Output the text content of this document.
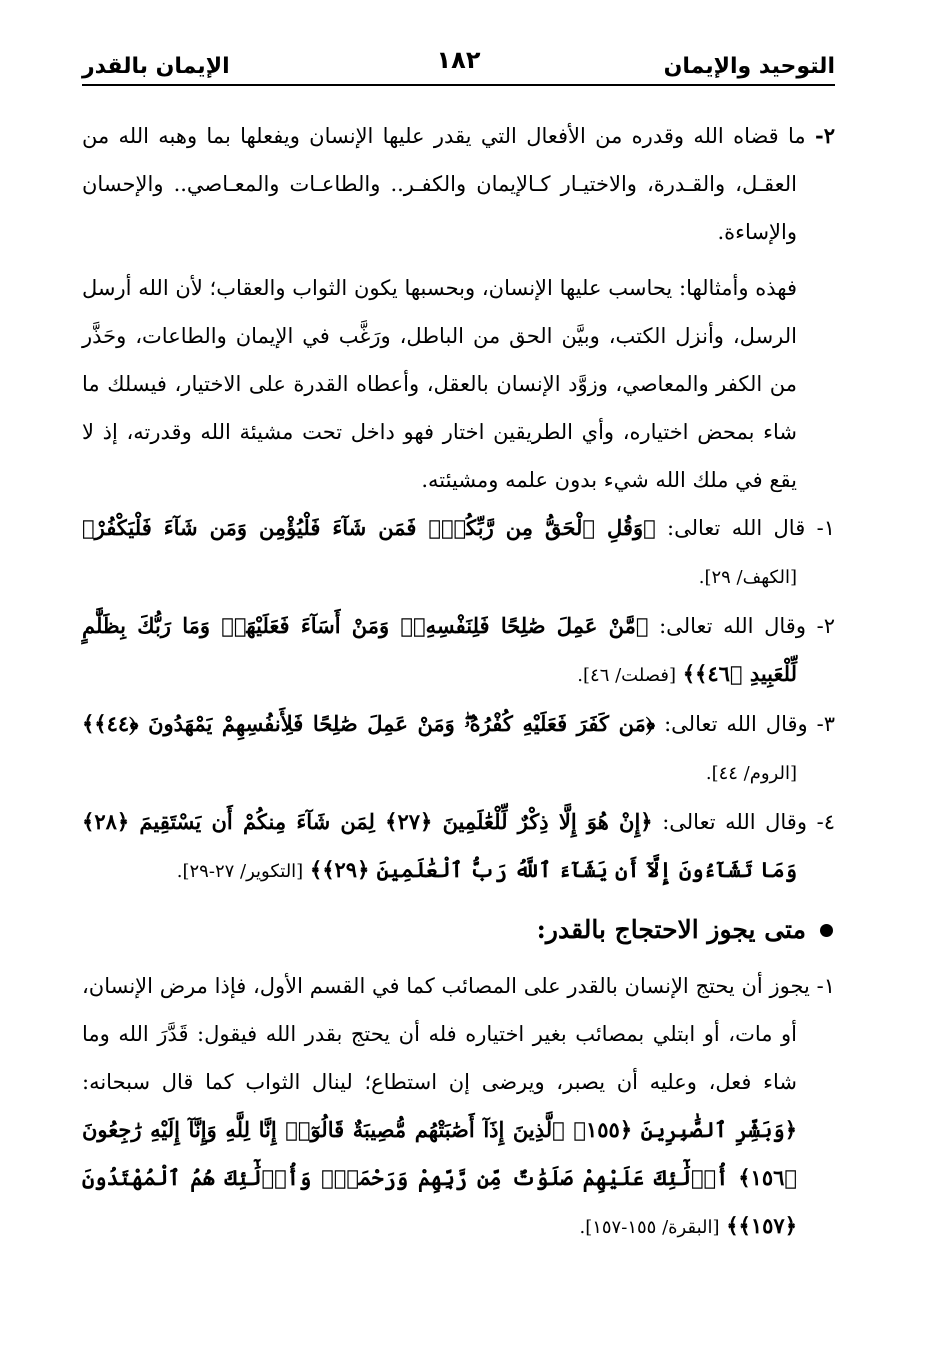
التوحيد والإيمان
١٨٢
الإيمان بالقدر

٢- ما قضاه الله وقدره من الأفعال التي يقدر عليها الإنسان ويفعلها بما وهبه الله من العقـل، والقـدرة، والاختيـار كـالإيمان والكفـر.. والطاعـات والمعـاصي.. والإحسان والإساءة.

فهذه وأمثالها: يحاسب عليها الإنسان، وبحسبها يكون الثواب والعقاب؛ لأن الله أرسل الرسل، وأنزل الكتب، وبيَّن الحق من الباطل، ورَغَّب في الإيمان والطاعات، وحَذَّر من الكفر والمعاصي، وزوَّد الإنسان بالعقل، وأعطاه القدرة على الاختيار، فيسلك ما شاء بمحض اختياره، وأي الطريقين اختار فهو داخل تحت مشيئة الله وقدرته، إذ لا يقع في ملك الله شيء بدون علمه ومشيئته.

١- قال الله تعالى: ﴿وَقُلِ ٱلْحَقُّ مِن رَّبِّكُمْۖ فَمَن شَآءَ فَلْيُؤْمِن وَمَن شَآءَ فَلْيَكْفُرْ﴾ [الكهف/ ٢٩].

٢- وقال الله تعالى: ﴿مَّنْ عَمِلَ صَٰلِحًا فَلِنَفْسِهِۦۖ وَمَنْ أَسَآءَ فَعَلَيْهَاۗ وَمَا رَبُّكَ بِظَلَّٰمٍ لِّلْعَبِيدِ ﴿٤٦﴾﴾ [فصلت/ ٤٦].

٣- وقال الله تعالى: ﴿مَن كَفَرَ فَعَلَيْهِ كُفْرُهُۥۖ وَمَنْ عَمِلَ صَٰلِحًا فَلِأَنفُسِهِمْ يَمْهَدُونَ ﴿٤٤﴾﴾ [الروم/ ٤٤].

٤- وقال الله تعالى: ﴿إِنْ هُوَ إِلَّا ذِكْرٌ لِّلْعَٰلَمِينَ ﴿٢٧﴾ لِمَن شَآءَ مِنكُمْ أَن يَسْتَقِيمَ ﴿٢٨﴾ وَمَا تَشَآءُونَ إِلَّآ أَن يَشَآءَ ٱللَّهُ رَبُّ ٱلْعَٰلَمِينَ ﴿٢٩﴾﴾ [التكوير/ ٢٧-٢٩].

متى يجوز الاحتجاج بالقدر:

١- يجوز أن يحتج الإنسان بالقدر على المصائب كما في القسم الأول، فإذا مرض الإنسان، أو مات، أو ابتلي بمصائب بغير اختياره فله أن يحتج بقدر الله فيقول: قَدَّرَ الله وما شاء فعل، وعليه أن يصبر، ويرضى إن استطاع؛ لينال الثواب كما قال سبحانه: ﴿وَبَشِّرِ ٱلصَّٰبِرِينَ ﴿١٥٥﴾ ٱلَّذِينَ إِذَآ أَصَٰبَتْهُم مُّصِيبَةٌ قَالُوٓا۟ إِنَّا لِلَّهِ وَإِنَّآ إِلَيْهِ رَٰجِعُونَ ﴿١٥٦﴾ أُو۟لَٰٓئِكَ عَلَيْهِمْ صَلَوَٰتٌ مِّن رَّبِّهِمْ وَرَحْمَةٌۖ وَأُو۟لَٰٓئِكَ هُمُ ٱلْمُهْتَدُونَ ﴿١٥٧﴾﴾ [البقرة/ ١٥٥-١٥٧].
